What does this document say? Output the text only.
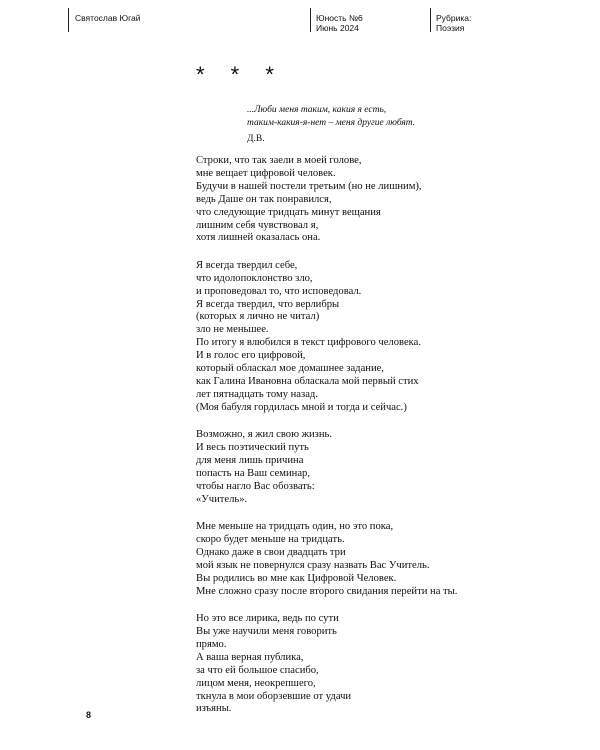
Святослав Югай	Юность №6
Июнь 2024
Рубрика:
Поэзия
* * *
...Люби меня таким, какия я есть,
таким-какия-я-нет – меня другие любят.
Д.В.
Строки, что так заели в моей голове,
мне вещает цифровой человек.
Будучи в нашей постели третьим (но не лишним),
ведь Даше он так понравился,
что следующие тридцать минут вещания
лишним себя чувствовал я,
хотя лишней оказалась она.
Я всегда твердил себе,
что идолопоклонство зло,
и проповедовал то, что исповедовал.
Я всегда твердил, что верлибры
(которых я лично не читал)
зло не меньшее.
По итогу я влюбился в текст цифрового человека.
И в голос его цифровой,
который обласкал мое домашнее задание,
как Галина Ивановна обласкала мой первый стих
лет пятнадцать тому назад.
(Моя бабуля гордилась мной и тогда и сейчас.)
Возможно, я жил свою жизнь.
И весь поэтический путь
для меня лишь причина
попасть на Ваш семинар,
чтобы нагло Вас обозвать:
«Учитель».
Мне меньше на тридцать один, но это пока,
скоро будет меньше на тридцать.
Однако даже в свои двадцать три
мой язык не повернулся сразу назвать Вас Учитель.
Вы родились во мне как Цифровой Человек.
Мне сложно сразу после второго свидания перейти на ты.
Но это все лирика, ведь по сути
Вы уже научили меня говорить
прямо.
А ваша верная публика,
за что ей большое спасибо,
лицом меня, неокрепшего,
ткнула в мои оборзевшие от удачи
изъяны.
8
